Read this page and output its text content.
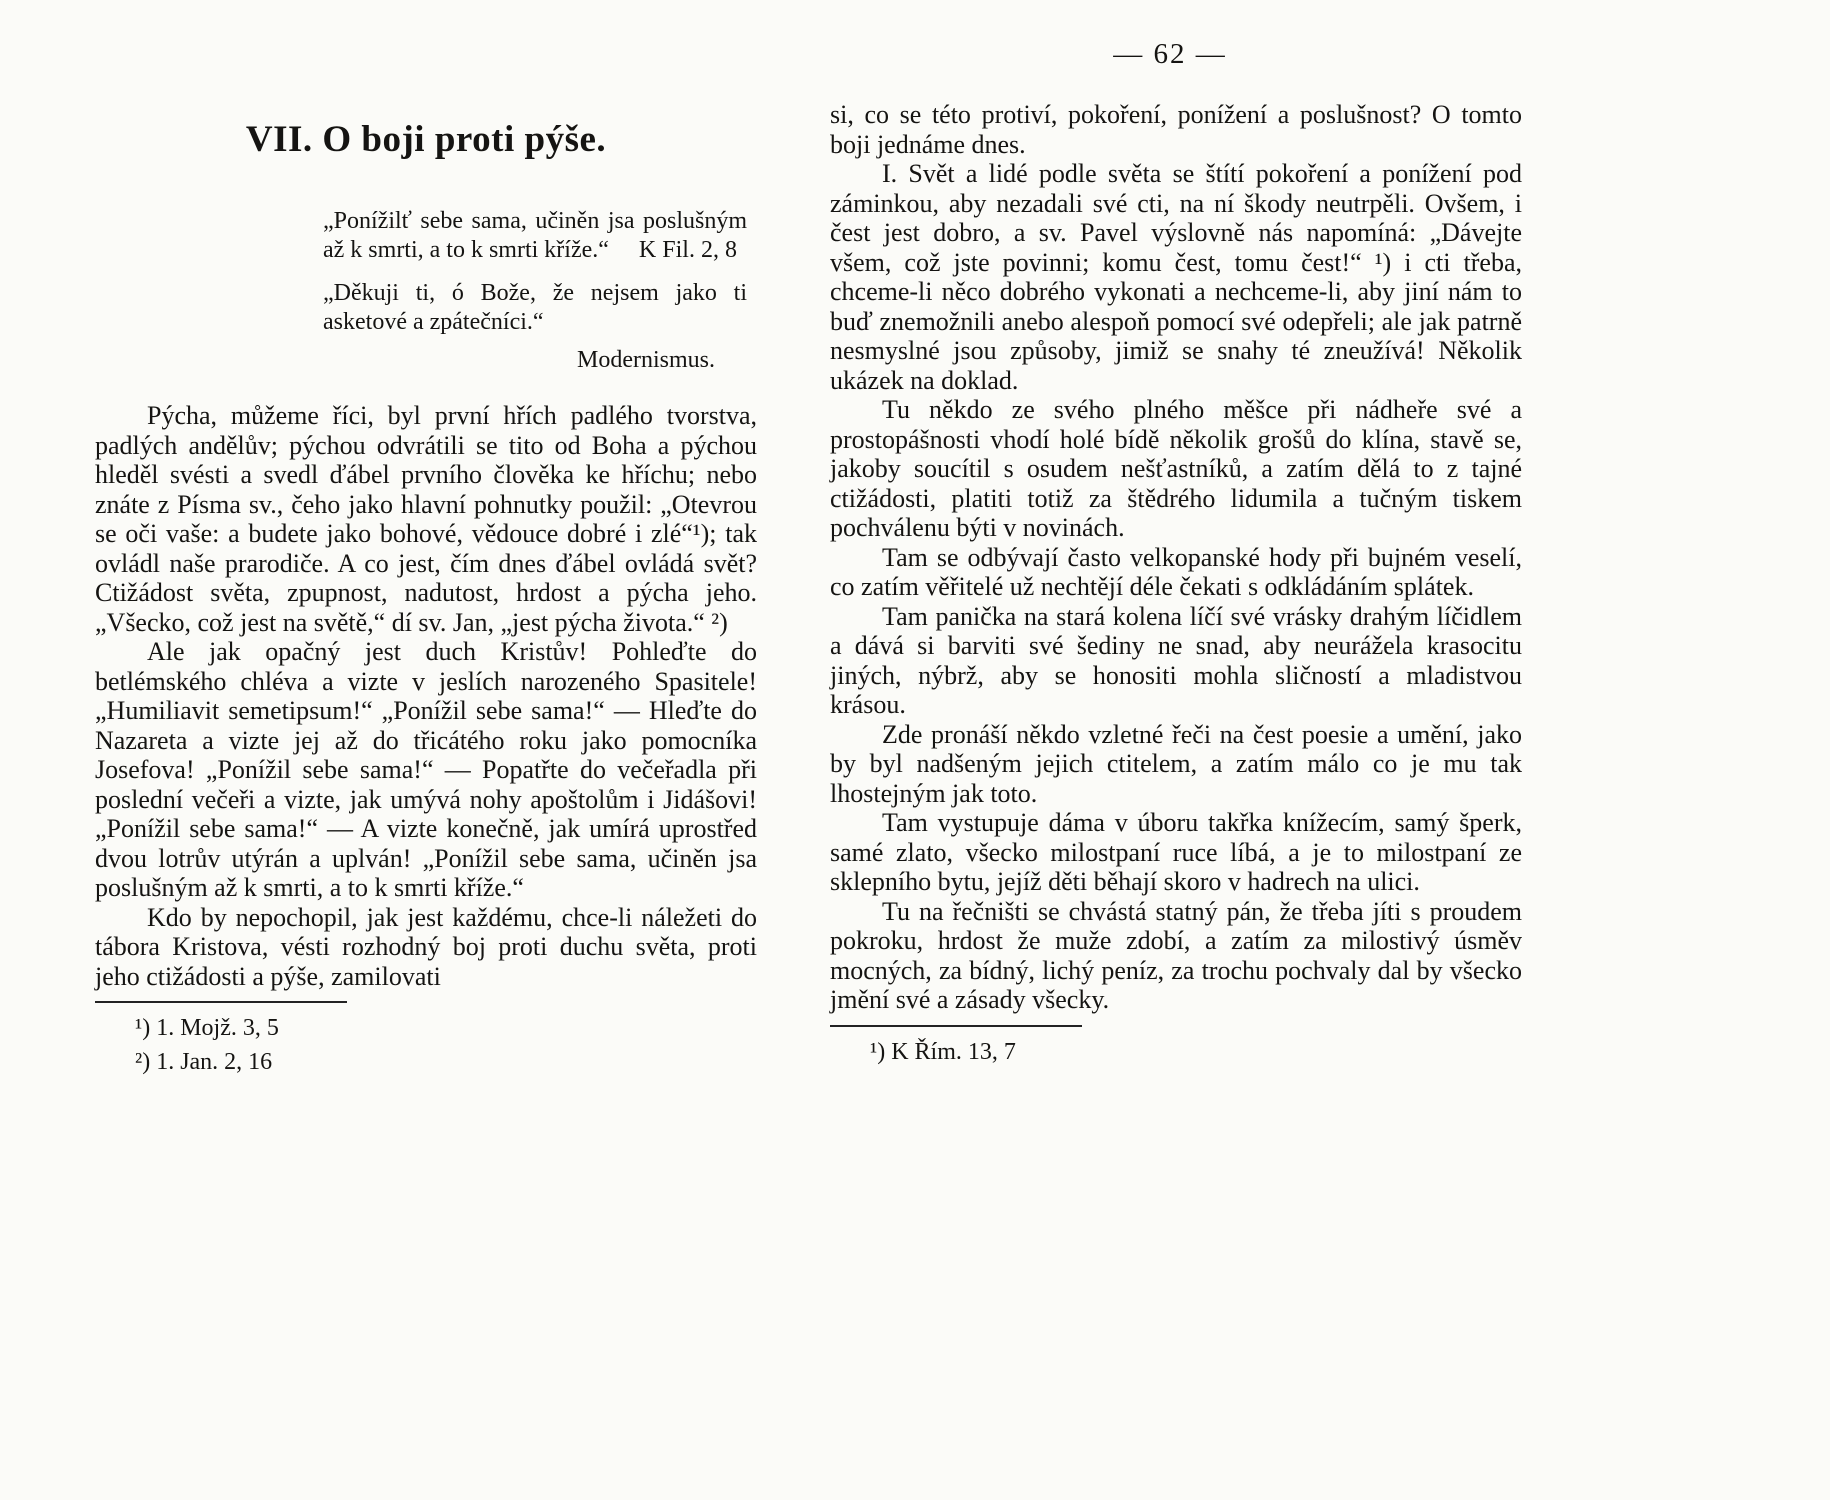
— 62 —
VII. O boji proti pýše.
„Ponížilť sebe sama, učiněn jsa poslušným až k smrti, a to k smrti kříže.“ K Fil. 2, 8
„Děkuji ti, ó Bože, že nejsem jako ti asketové a zpátečníci.“
Modernismus.

Pýcha, můžeme říci, byl první hřích padlého tvorstva, padlých andělův; pýchou odvrátili se tito od Boha a pýchou hleděl svésti a svedl ďábel prvního člověka ke hříchu; nebo znáte z Písma sv., čeho jako hlavní pohnutky použil: „Otevrou se oči vaše: a budete jako bohové, vědouce dobré i zlé“¹); tak ovládl naše prarodiče. A co jest, čím dnes ďábel ovládá svět? Ctižádost světa, zpupnost, nadutost, hrdost a pýcha jeho. „Všecko, což jest na světě,“ dí sv. Jan, „jest pýcha života.“ ²)

Ale jak opačný jest duch Kristův! Pohleďte do betlémského chléva a vizte v jeslích narozeného Spasitele! „Humiliavit semetipsum!“ „Ponížil sebe sama!“ — Hleďte do Nazareta a vizte jej až do třicátého roku jako pomocníka Josefova! „Ponížil sebe sama!“ — Popatřte do večeřadla při poslední večeři a vizte, jak umývá nohy apoštolům i Jidášovi! „Ponížil sebe sama!“ — A vizte konečně, jak umírá uprostřed dvou lotrův utýrán a uplván! „Ponížil sebe sama, učiněn jsa poslušným až k smrti, a to k smrti kříže.“

Kdo by nepochopil, jak jest každému, chce-li náležeti do tábora Kristova, vésti rozhodný boj proti duchu světa, proti jeho ctižádosti a pýše, zamilovati

¹) 1. Mojž. 3, 5
²) 1. Jan. 2, 16

si, co se této protiví, pokoření, ponížení a poslušnost? O tomto boji jednáme dnes.

I. Svět a lidé podle světa se štítí pokoření a ponížení pod záminkou, aby nezadali své cti, na ní škody neutrpěli. Ovšem, i čest jest dobro, a sv. Pavel výslovně nás napomíná: „Dávejte všem, což jste povinni; komu čest, tomu čest!“ ¹) i cti třeba, chceme-li něco dobrého vykonati a nechceme-li, aby jiní nám to buď znemožnili anebo alespoň pomocí své odepřeli; ale jak patrně nesmyslné jsou způsoby, jimiž se snahy té zneužívá! Několik ukázek na doklad.

Tu někdo ze svého plného měšce při nádheře své a prostopášnosti vhodí holé bídě několik grošů do klína, stavě se, jakoby soucítil s osudem nešťastníků, a zatím dělá to z tajné ctižádosti, platiti totiž za štědrého lidumila a tučným tiskem pochválenu býti v novinách.

Tam se odbývají často velkopanské hody při bujném veselí, co zatím věřitelé už nechtějí déle čekati s odkládáním splátek.

Tam panička na stará kolena líčí své vrásky drahým líčidlem a dává si barviti své šediny ne snad, aby neurážela krasocitu jiných, nýbrž, aby se honositi mohla sličností a mladistvou krásou.

Zde pronáší někdo vzletné řeči na čest poesie a umění, jako by byl nadšeným jejich ctitelem, a zatím málo co je mu tak lhostejným jak toto.

Tam vystupuje dáma v úboru takřka knížecím, samý šperk, samé zlato, všecko milostpaní ruce líbá, a je to milostpaní ze sklepního bytu, jejíž děti běhají skoro v hadrech na ulici.

Tu na řečništi se chvástá statný pán, že třeba jíti s proudem pokroku, hrdost že muže zdobí, a zatím za milostivý úsměv mocných, za bídný, lichý peníz, za trochu pochvaly dal by všecko jmění své a zásady všecky.

¹) K Řím. 13, 7
